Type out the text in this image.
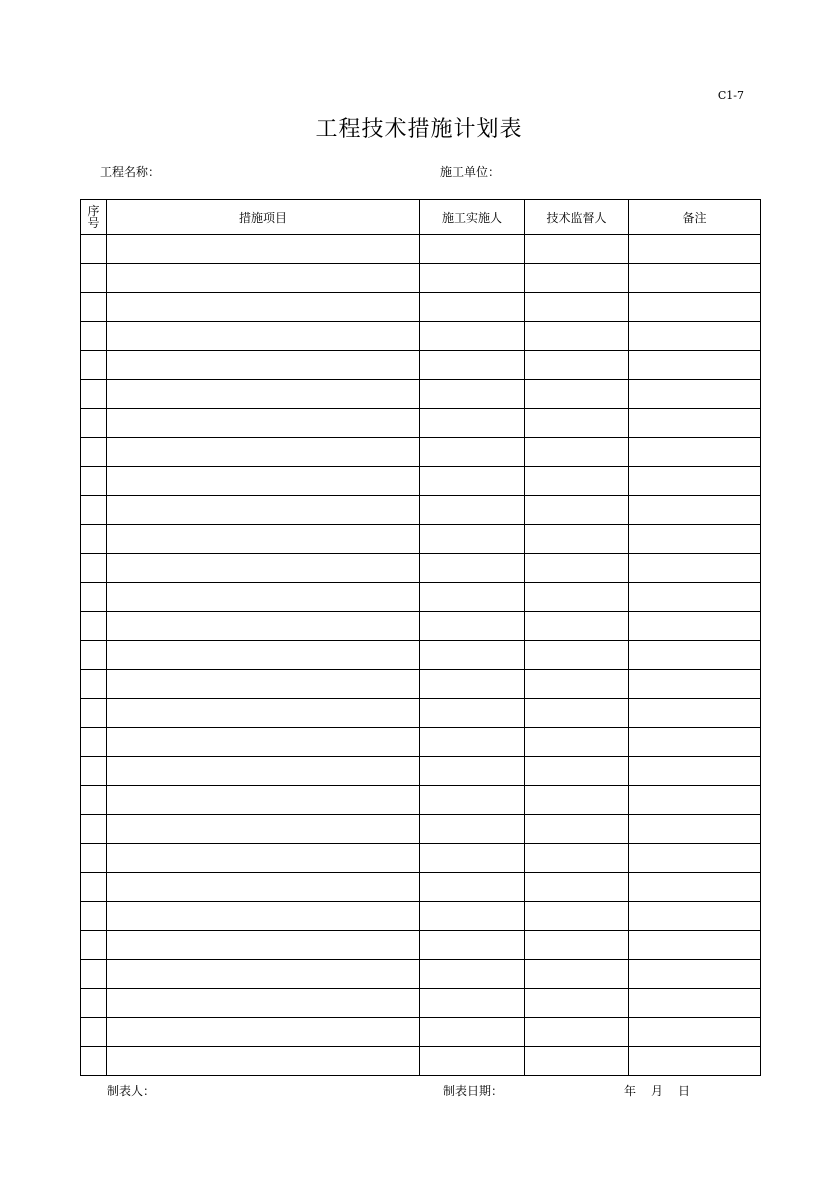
C1-7
工程技术措施计划表
工程名称：	施工单位：
序号	措施项目	施工实施人	技术监督人	备注

制表人：	制表日期：	年 月 日
